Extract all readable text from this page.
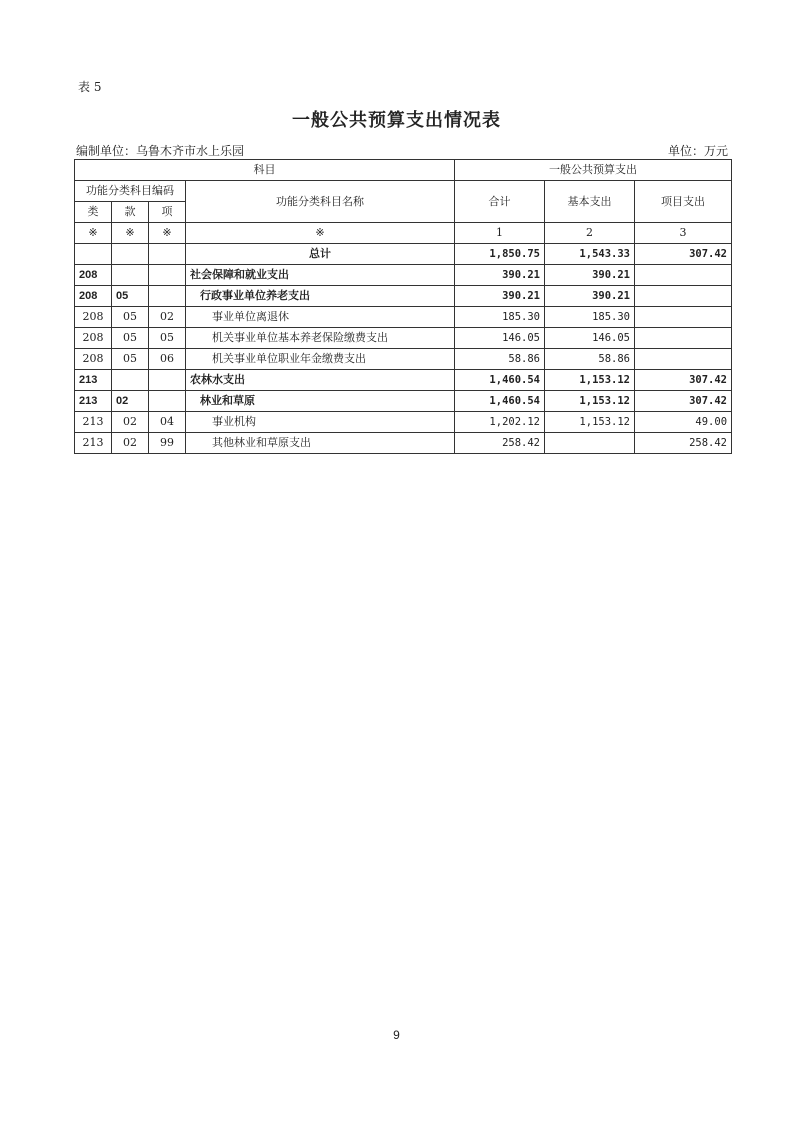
表 5
一般公共预算支出情况表
编制单位：乌鲁木齐市水上乐园	单位：万元
科目				一般公共预算支出		
功能分类科目编码			功能分类科目名称	合计	基本支出	项目支出
类	款	项				
※	※	※	※	1	2	3
			总计	1,850.75	1,543.33	307.42
208			社会保障和就业支出	390.21	390.21	
208	05		行政事业单位养老支出	390.21	390.21	
208	05	02	事业单位离退休	185.30	185.30	
208	05	05	机关事业单位基本养老保险缴费支出	146.05	146.05	
208	05	06	机关事业单位职业年金缴费支出	58.86	58.86	
213			农林水支出	1,460.54	1,153.12	307.42
213	02		林业和草原	1,460.54	1,153.12	307.42
213	02	04	事业机构	1,202.12	1,153.12	49.00
213	02	99	其他林业和草原支出	258.42		258.42
9
